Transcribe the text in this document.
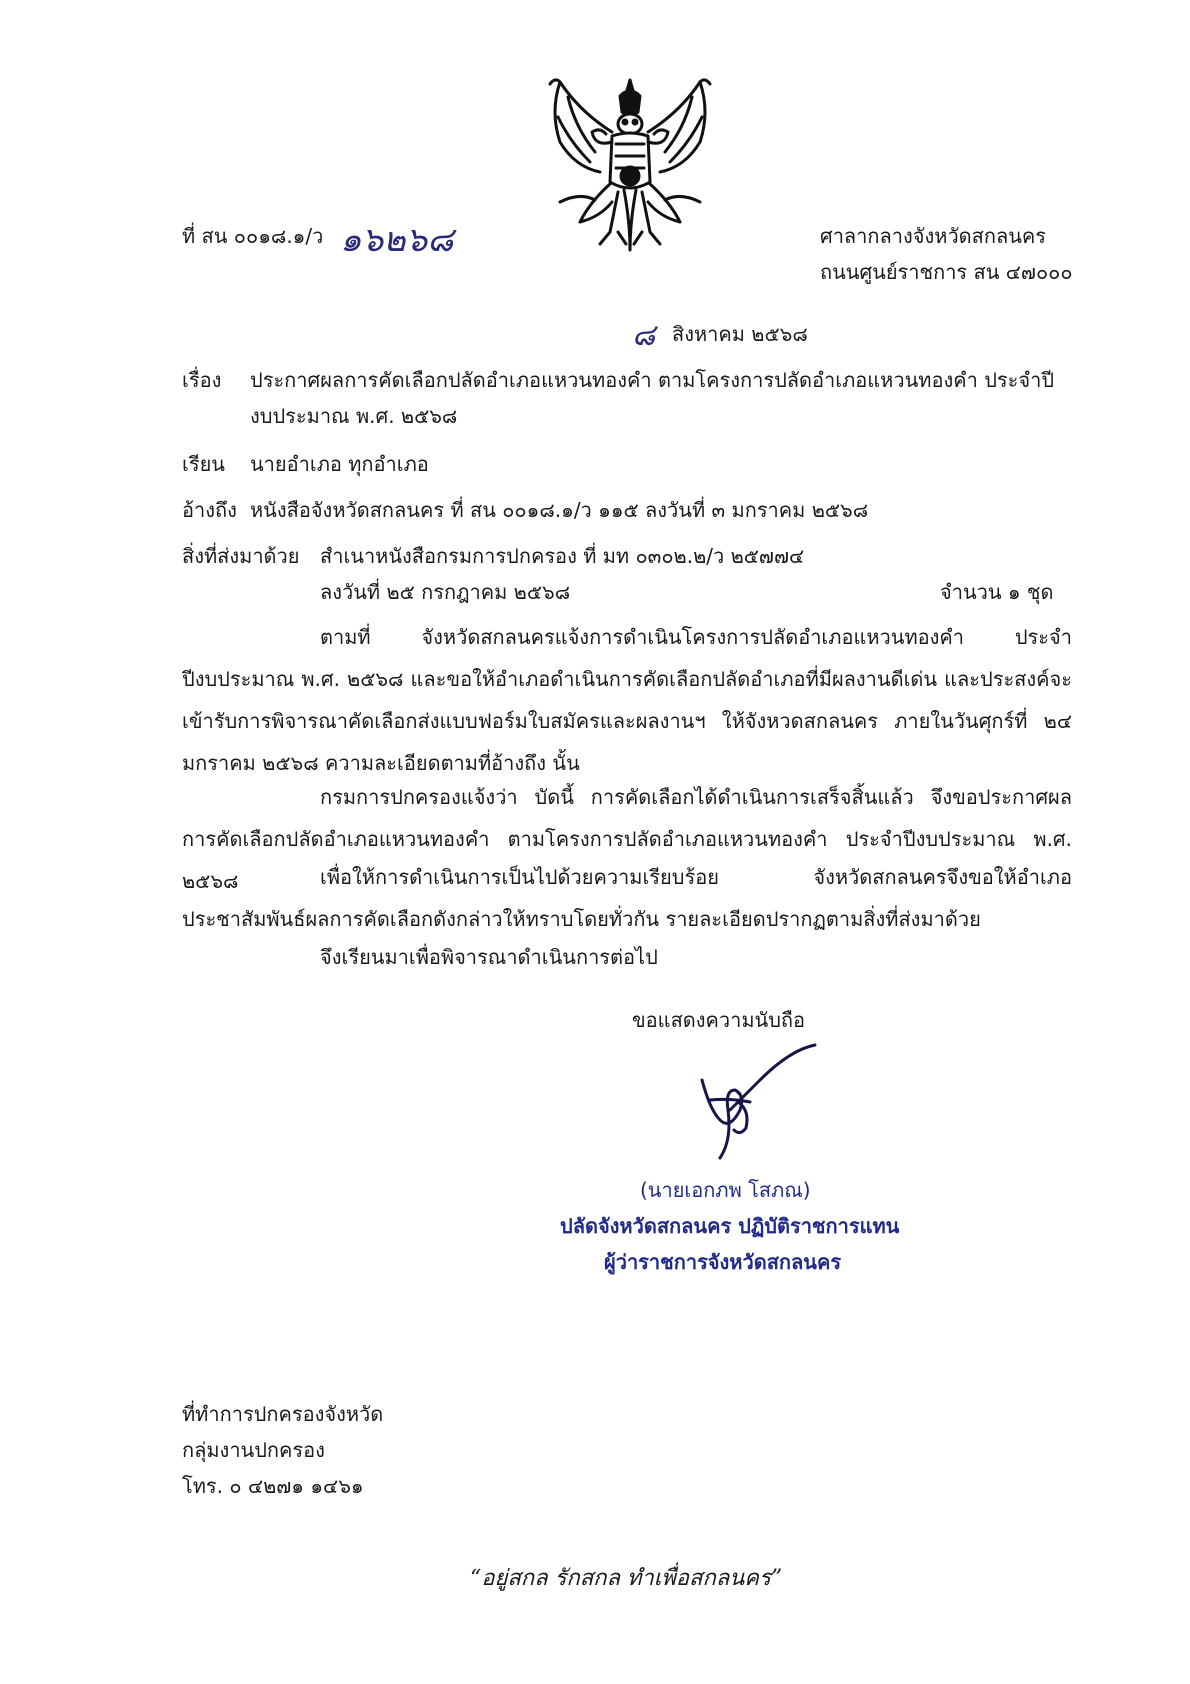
ที่ สน ๐๐๑๘.๑/ว ๑๖๒๖๘	ศาลากลางจังหวัดสกลนคร
ถนนศูนย์ราชการ สน ๔๗๐๐๐
๘ สิงหาคม ๒๕๖๘
เรื่อง ประกาศผลการคัดเลือกปลัดอำเภอแหวนทองคำ ตามโครงการปลัดอำเภอแหวนทองคำ ประจำปี
งบประมาณ พ.ศ. ๒๕๖๘
เรียน นายอำเภอ ทุกอำเภอ
อ้างถึง หนังสือจังหวัดสกลนคร ที่ สน ๐๐๑๘.๑/ว ๑๑๕ ลงวันที่ ๓ มกราคม ๒๕๖๘
สิ่งที่ส่งมาด้วย สำเนาหนังสือกรมการปกครอง ที่ มท ๐๓๐๒.๒/ว ๒๕๗๗๔
ลงวันที่ ๒๕ กรกฎาคม ๒๕๖๘	จำนวน ๑ ชุด
ตามที่ จังหวัดสกลนครแจ้งการดำเนินโครงการปลัดอำเภอแหวนทองคำ ประจำปีงบประมาณ พ.ศ. ๒๕๖๘ และขอให้อำเภอดำเนินการคัดเลือกปลัดอำเภอที่มีผลงานดีเด่น และประสงค์จะเข้ารับการพิจารณาคัดเลือกส่งแบบฟอร์มใบสมัครและผลงานฯ ให้จังหวดสกลนคร ภายในวันศุกร์ที่ ๒๔ มกราคม ๒๕๖๘ ความละเอียดตามที่อ้างถึง นั้น
กรมการปกครองแจ้งว่า บัดนี้ การคัดเลือกได้ดำเนินการเสร็จสิ้นแล้ว จึงขอประกาศผลการคัดเลือกปลัดอำเภอแหวนทองคำ ตามโครงการปลัดอำเภอแหวนทองคำ ประจำปีงบประมาณ พ.ศ. ๒๕๖๘	เพื่อให้การดำเนินการเป็นไปด้วยความเรียบร้อย จังหวัดสกลนครจึงขอให้อำเภอประชาสัมพันธ์ผลการคัดเลือกดังกล่าวให้ทราบโดยทั่วกัน รายละเอียดปรากฏตามสิ่งที่ส่งมาด้วย
จึงเรียนมาเพื่อพิจารณาดำเนินการต่อไป
ขอแสดงความนับถือ
(นายเอกภพ โสภณ)
ปลัดจังหวัดสกลนคร ปฏิบัติราชการแทน
ผู้ว่าราชการจังหวัดสกลนคร
ที่ทำการปกครองจังหวัด
กลุ่มงานปกครอง
โทร. ๐ ๔๒๗๑ ๑๔๖๑
“อยู่สกล รักสกล ทำเพื่อสกลนคร”
